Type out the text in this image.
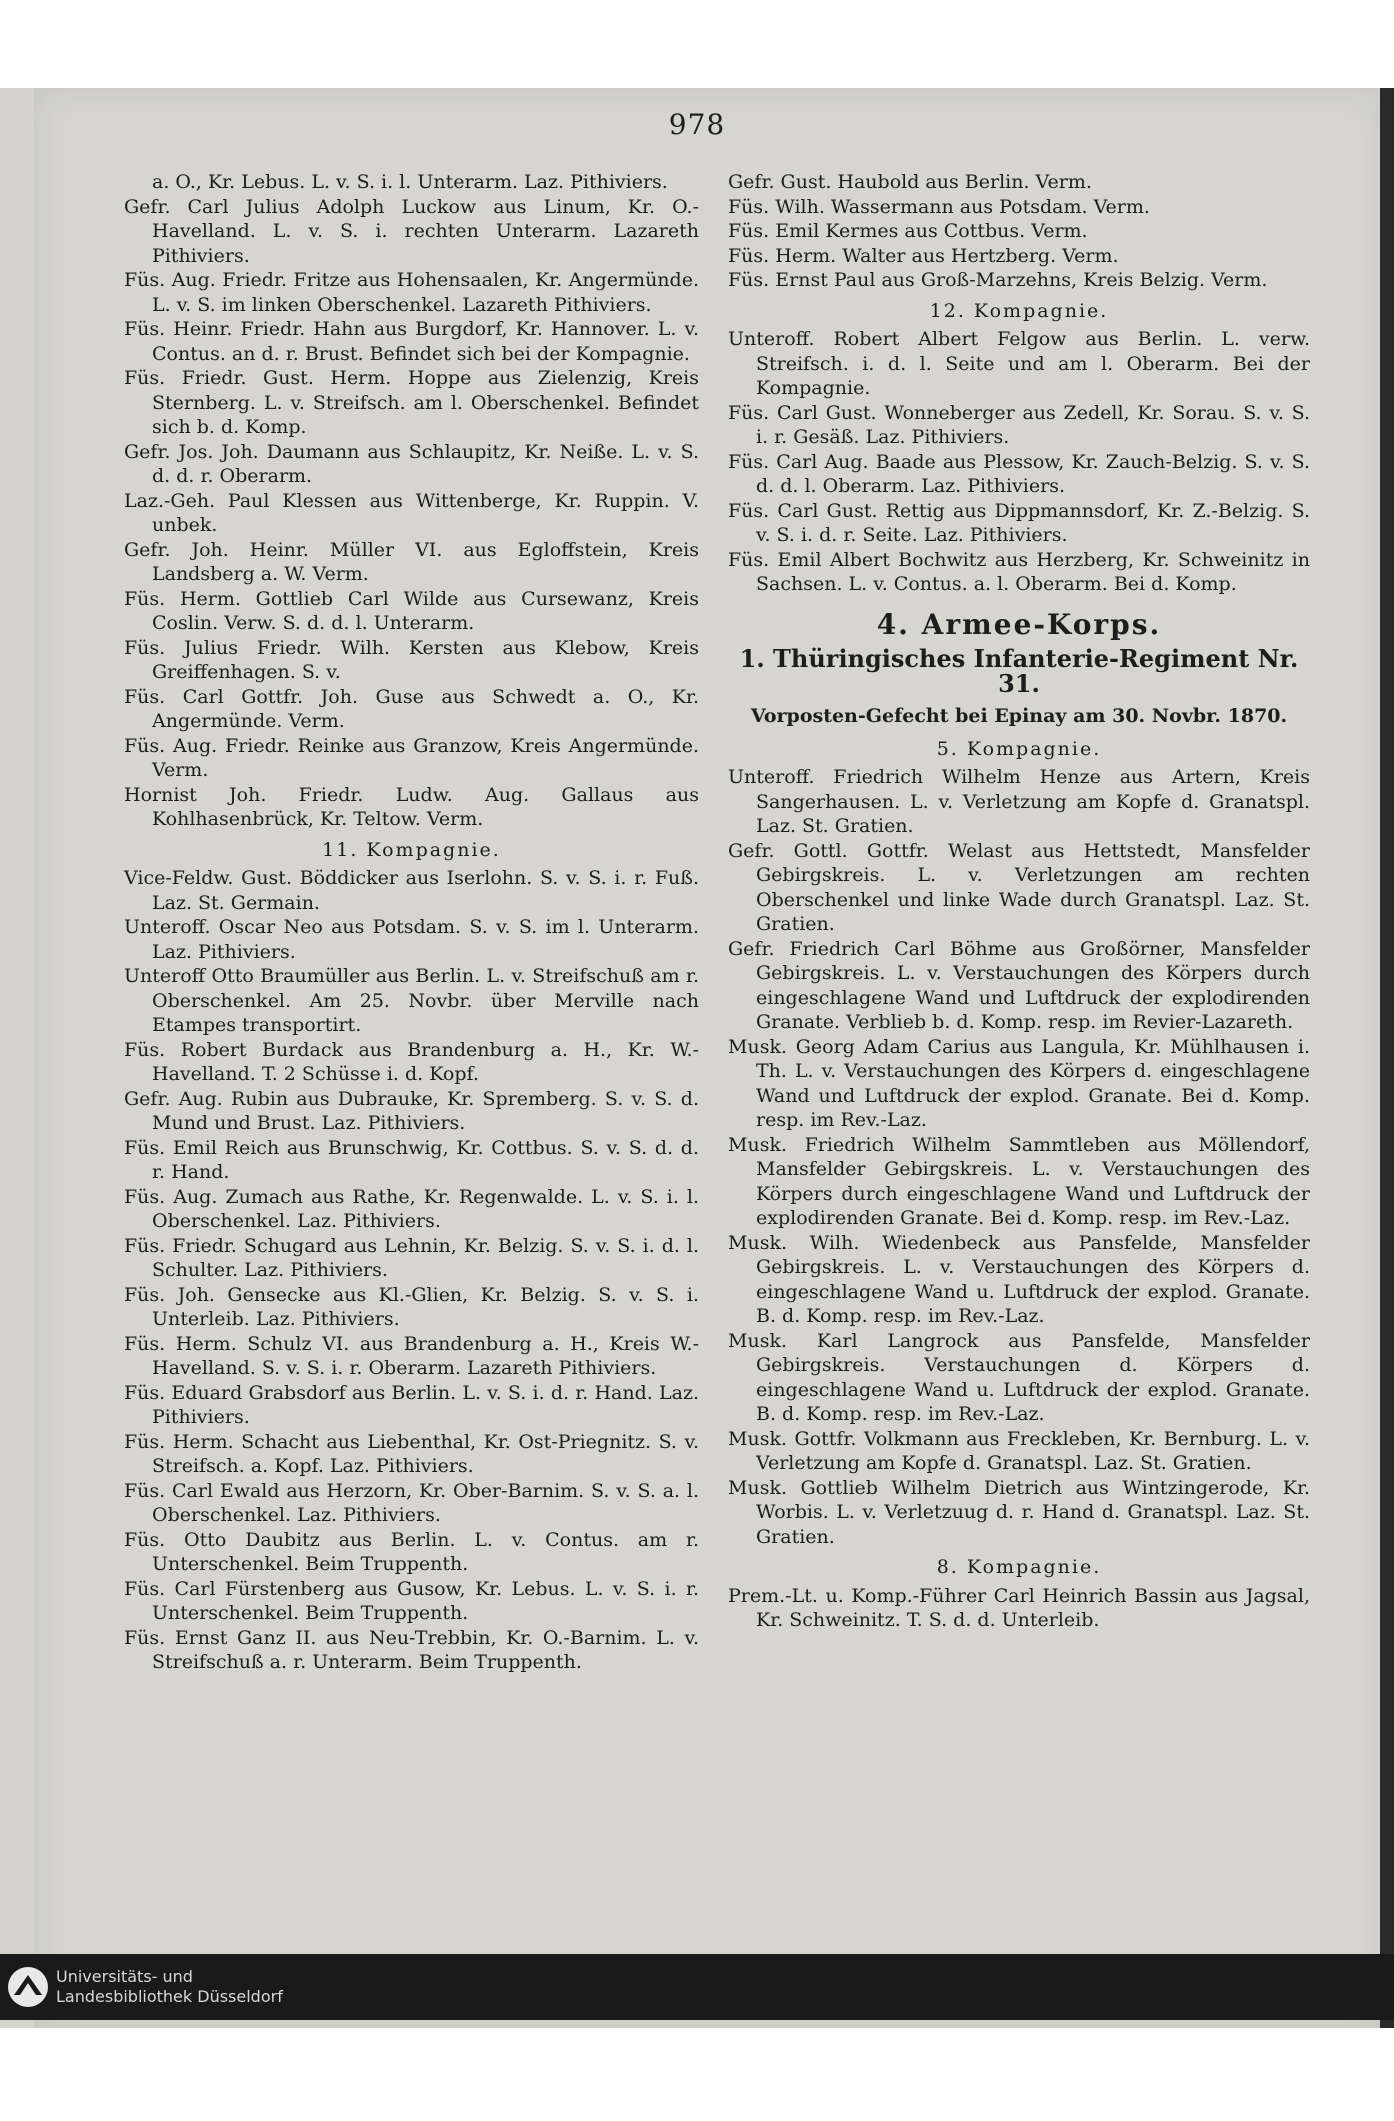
978
a. O., Kr. Lebus. L. v. S. i. l. Unterarm. Laz. Pithiviers.
Gefr. Carl Julius Adolph Luckow aus Linum, Kr. O.-Havelland. L. v. S. i. rechten Unterarm. Lazareth Pithiviers.
Füs. Aug. Friedr. Fritze aus Hohensaalen, Kr. Angermünde. L. v. S. im linken Oberschenkel. Lazareth Pithiviers.
Füs. Heinr. Friedr. Hahn aus Burgdorf, Kr. Hannover. L. v. Contus. an d. r. Brust. Befindet sich bei der Kompagnie.
Füs. Friedr. Gust. Herm. Hoppe aus Zielenzig, Kreis Sternberg. L. v. Streifsch. am l. Oberschenkel. Befindet sich b. d. Komp.
Gefr. Jos. Joh. Daumann aus Schlaupitz, Kr. Neiße. L. v. S. d. d. r. Oberarm.
Laz.-Geh. Paul Klessen aus Wittenberge, Kr. Ruppin. V. unbek.
Gefr. Joh. Heinr. Müller VI. aus Egloffstein, Kreis Landsberg a. W. Verm.
Füs. Herm. Gottlieb Carl Wilde aus Cursewanz, Kreis Coslin. Verw. S. d. d. l. Unterarm.
Füs. Julius Friedr. Wilh. Kersten aus Klebow, Kreis Greiffenhagen. S. v.
Füs. Carl Gottfr. Joh. Guse aus Schwedt a. O., Kr. Angermünde. Verm.
Füs. Aug. Friedr. Reinke aus Granzow, Kreis Angermünde. Verm.
Hornist Joh. Friedr. Ludw. Aug. Gallaus aus Kohlhasenbrück, Kr. Teltow. Verm.
11. Kompagnie.
Vice-Feldw. Gust. Böddicker aus Iserlohn. S. v. S. i. r. Fuß. Laz. St. Germain.
Unteroff. Oscar Neo aus Potsdam. S. v. S. im l. Unterarm. Laz. Pithiviers.
Unteroff Otto Braumüller aus Berlin. L. v. Streifschuß am r. Oberschenkel. Am 25. Novbr. über Merville nach Etampes transportirt.
Füs. Robert Burdack aus Brandenburg a. H., Kr. W.-Havelland. T. 2 Schüsse i. d. Kopf.
Gefr. Aug. Rubin aus Dubrauke, Kr. Spremberg. S. v. S. d. Mund und Brust. Laz. Pithiviers.
Füs. Emil Reich aus Brunschwig, Kr. Cottbus. S. v. S. d. d. r. Hand.
Füs. Aug. Zumach aus Rathe, Kr. Regenwalde. L. v. S. i. l. Oberschenkel. Laz. Pithiviers.
Füs. Friedr. Schugard aus Lehnin, Kr. Belzig. S. v. S. i. d. l. Schulter. Laz. Pithiviers.
Füs. Joh. Gensecke aus Kl.-Glien, Kr. Belzig. S. v. S. i. Unterleib. Laz. Pithiviers.
Füs. Herm. Schulz VI. aus Brandenburg a. H., Kreis W.-Havelland. S. v. S. i. r. Oberarm. Lazareth Pithiviers.
Füs. Eduard Grabsdorf aus Berlin. L. v. S. i. d. r. Hand. Laz. Pithiviers.
Füs. Herm. Schacht aus Liebenthal, Kr. Ost-Priegnitz. S. v. Streifsch. a. Kopf. Laz. Pithiviers.
Füs. Carl Ewald aus Herzorn, Kr. Ober-Barnim. S. v. S. a. l. Oberschenkel. Laz. Pithiviers.
Füs. Otto Daubitz aus Berlin. L. v. Contus. am r. Unterschenkel. Beim Truppenth.
Füs. Carl Fürstenberg aus Gusow, Kr. Lebus. L. v. S. i. r. Unterschenkel. Beim Truppenth.
Füs. Ernst Ganz II. aus Neu-Trebbin, Kr. O.-Barnim. L. v. Streifschuß a. r. Unterarm. Beim Truppenth.
Gefr. Gust. Haubold aus Berlin. Verm.
Füs. Wilh. Wassermann aus Potsdam. Verm.
Füs. Emil Kermes aus Cottbus. Verm.
Füs. Herm. Walter aus Hertzberg. Verm.
Füs. Ernst Paul aus Groß-Marzehns, Kreis Belzig. Verm.
12. Kompagnie.
Unteroff. Robert Albert Felgow aus Berlin. L. verw. Streifsch. i. d. l. Seite und am l. Oberarm. Bei der Kompagnie.
Füs. Carl Gust. Wonneberger aus Zedell, Kr. Sorau. S. v. S. i. r. Gesäß. Laz. Pithiviers.
Füs. Carl Aug. Baade aus Plessow, Kr. Zauch-Belzig. S. v. S. d. d. l. Oberarm. Laz. Pithiviers.
Füs. Carl Gust. Rettig aus Dippmannsdorf, Kr. Z.-Belzig. S. v. S. i. d. r. Seite. Laz. Pithiviers.
Füs. Emil Albert Bochwitz aus Herzberg, Kr. Schweinitz in Sachsen. L. v. Contus. a. l. Oberarm. Bei d. Komp.
4. Armee-Korps.
1. Thüringisches Infanterie-Regiment Nr. 31.
Vorposten-Gefecht bei Epinay am 30. Novbr. 1870.
5. Kompagnie.
Unteroff. Friedrich Wilhelm Henze aus Artern, Kreis Sangerhausen. L. v. Verletzung am Kopfe d. Granatspl. Laz. St. Gratien.
Gefr. Gottl. Gottfr. Welast aus Hettstedt, Mansfelder Gebirgskreis. L. v. Verletzungen am rechten Oberschenkel und linke Wade durch Granatspl. Laz. St. Gratien.
Gefr. Friedrich Carl Böhme aus Großörner, Mansfelder Gebirgskreis. L. v. Verstauchungen des Körpers durch eingeschlagene Wand und Luftdruck der explodirenden Granate. Verblieb b. d. Komp. resp. im Revier-Lazareth.
Musk. Georg Adam Carius aus Langula, Kr. Mühlhausen i. Th. L. v. Verstauchungen des Körpers d. eingeschlagene Wand und Luftdruck der explod. Granate. Bei d. Komp. resp. im Rev.-Laz.
Musk. Friedrich Wilhelm Sammtleben aus Möllendorf, Mansfelder Gebirgskreis. L. v. Verstauchungen des Körpers durch eingeschlagene Wand und Luftdruck der explodirenden Granate. Bei d. Komp. resp. im Rev.-Laz.
Musk. Wilh. Wiedenbeck aus Pansfelde, Mansfelder Gebirgskreis. L. v. Verstauchungen des Körpers d. eingeschlagene Wand u. Luftdruck der explod. Granate. B. d. Komp. resp. im Rev.-Laz.
Musk. Karl Langrock aus Pansfelde, Mansfelder Gebirgskreis. Verstauchungen d. Körpers d. eingeschlagene Wand u. Luftdruck der explod. Granate. B. d. Komp. resp. im Rev.-Laz.
Musk. Gottfr. Volkmann aus Freckleben, Kr. Bernburg. L. v. Verletzung am Kopfe d. Granatspl. Laz. St. Gratien.
Musk. Gottlieb Wilhelm Dietrich aus Wintzingerode, Kr. Worbis. L. v. Verletzuug d. r. Hand d. Granatspl. Laz. St. Gratien.
8. Kompagnie.
Prem.-Lt. u. Komp.-Führer Carl Heinrich Bassin aus Jagsal, Kr. Schweinitz. T. S. d. d. Unterleib.
Universitäts- und
Landesbibliothek Düsseldorf
